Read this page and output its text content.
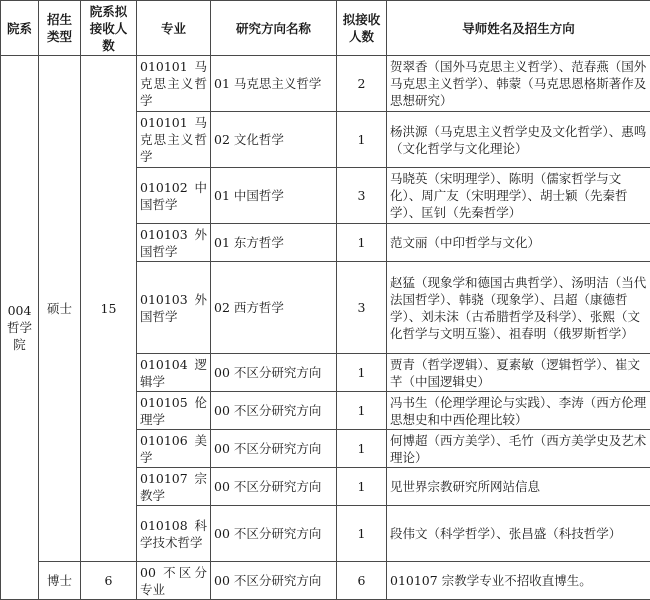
院系	招生类型	院系拟接收人数	专业	研究方向名称	拟接收人数	导师姓名及招生方向
004 哲学院	硕士	15	010101 马克思主义哲学	01 马克思主义哲学	2	贺翠香（国外马克思主义哲学）、范春燕（国外马克思主义哲学）、韩蒙（马克思恩格斯著作及思想研究）
			010101 马克思主义哲学	02 文化哲学	1	杨洪源（马克思主义哲学史及文化哲学）、惠鸣（文化哲学与文化理论）
			010102 中国哲学	01 中国哲学	3	马晓英（宋明理学）、陈明（儒家哲学与文化）、周广友（宋明理学）、胡士颖（先秦哲学）、匡钊（先秦哲学）
			010103 外国哲学	01 东方哲学	1	范文丽（中印哲学与文化）
			010103 外国哲学	02 西方哲学	3	赵猛（现象学和德国古典哲学）、汤明洁（当代法国哲学）、韩骁（现象学）、吕超（康德哲学）、刘未沫（古希腊哲学及科学）、张熙（文化哲学与文明互鉴）、祖春明（俄罗斯哲学）
			010104 逻辑学	00 不区分研究方向	1	贾青（哲学逻辑）、夏素敏（逻辑哲学）、崔文芊（中国逻辑史）
			010105 伦理学	00 不区分研究方向	1	冯书生（伦理学理论与实践）、李涛（西方伦理思想史和中西伦理比较）
			010106 美学	00 不区分研究方向	1	何博超（西方美学）、毛竹（西方美学史及艺术理论）
			010107 宗教学	00 不区分研究方向	1	见世界宗教研究所网站信息
			010108 科学技术哲学	00 不区分研究方向	1	段伟文（科学哲学）、张昌盛（科技哲学）
	博士	6	00 不区分专业	00 不区分研究方向	6	010107 宗教学专业不招收直博生。
